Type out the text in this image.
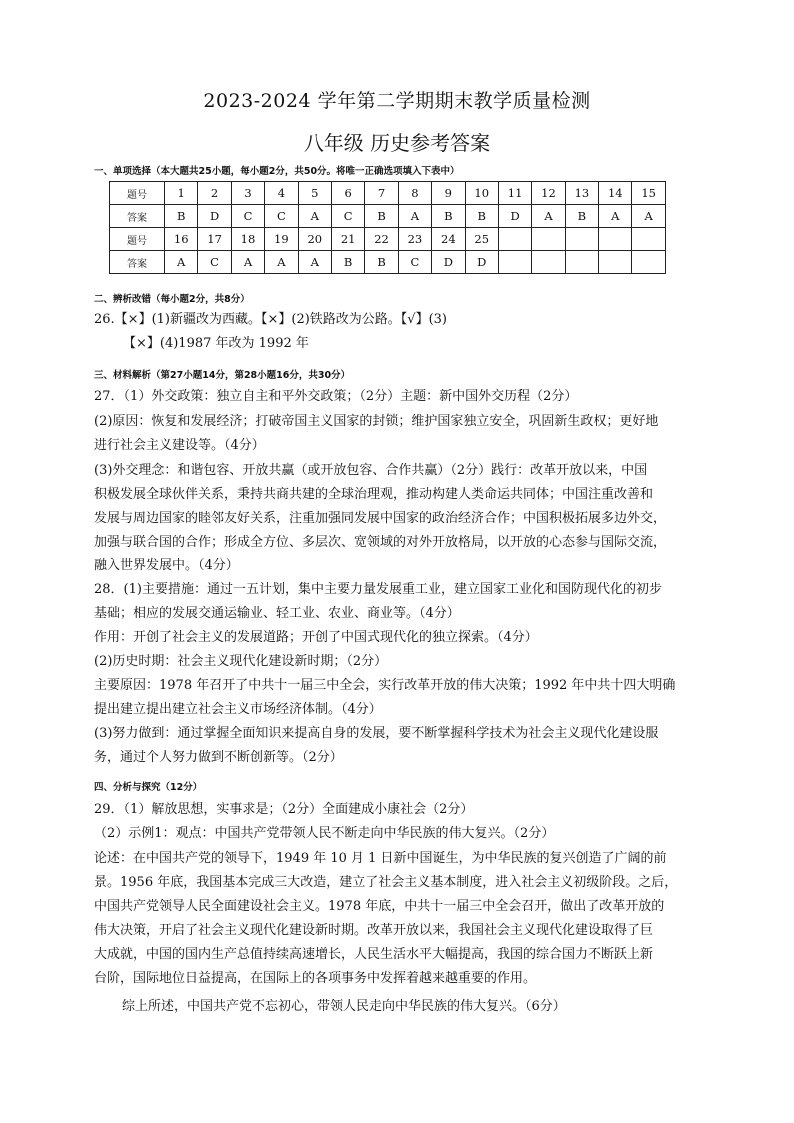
2023-2024 学年第二学期期末教学质量检测
八年级 历史参考答案
一、单项选择（本大题共25小题，每小题2分，共50分。将唯一正确选项填入下表中）
题号	1	2	3	4	5	6	7	8	9	10	11	12	13	14	15
答案	B	D	C	C	A	C	B	A	B	B	D	A	B	A	A
题号	16	17	18	19	20	21	22	23	24	25					
答案	A	C	A	A	A	B	B	C	D	D					
二、辨析改错（每小题2分，共8分）
26.【×】(1)新疆改为西藏。【×】(2)铁路改为公路。【√】(3)
【×】(4)1987 年改为 1992 年
三、材料解析（第27小题14分，第28小题16分，共30分）
27．（1）外交政策：独立自主和平外交政策；（2分）主题：新中国外交历程（2分）
(2)原因：恢复和发展经济；打破帝国主义国家的封锁；维护国家独立安全，巩固新生政权；更好地
进行社会主义建设等。（4分）
(3)外交理念：和谐包容、开放共赢（或开放包容、合作共赢）（2分）践行：改革开放以来，中国
积极发展全球伙伴关系，秉持共商共建的全球治理观，推动构建人类命运共同体；中国注重改善和
发展与周边国家的睦邻友好关系，注重加强同发展中国家的政治经济合作；中国积极拓展多边外交，
加强与联合国的合作；形成全方位、多层次、宽领域的对外开放格局，以开放的心态参与国际交流，
融入世界发展中。（4分）
28．(1)主要措施：通过一五计划，集中主要力量发展重工业，建立国家工业化和国防现代化的初步
基础；相应的发展交通运输业、轻工业、农业、商业等。（4分）
作用：开创了社会主义的发展道路；开创了中国式现代化的独立探索。（4分）
(2)历史时期：社会主义现代化建设新时期；（2分）
主要原因：1978 年召开了中共十一届三中全会，实行改革开放的伟大决策；1992 年中共十四大明确
提出建立提出建立社会主义市场经济体制。（4分）
(3)努力做到：通过掌握全面知识来提高自身的发展，要不断掌握科学技术为社会主义现代化建设服
务，通过个人努力做到不断创新等。（2分）
四、分析与探究（12分）
29．（1）解放思想，实事求是；（2分）全面建成小康社会（2分）
（2）示例1：观点：中国共产党带领人民不断走向中华民族的伟大复兴。（2分）
论述：在中国共产党的领导下，1949 年 10 月 1 日新中国诞生，为中华民族的复兴创造了广阔的前
景。1956 年底，我国基本完成三大改造，建立了社会主义基本制度，进入社会主义初级阶段。之后，
中国共产党领导人民全面建设社会主义。1978 年底，中共十一届三中全会召开，做出了改革开放的
伟大决策，开启了社会主义现代化建设新时期。改革开放以来，我国社会主义现代化建设取得了巨
大成就，中国的国内生产总值持续高速增长，人民生活水平大幅提高，我国的综合国力不断跃上新
台阶，国际地位日益提高，在国际上的各项事务中发挥着越来越重要的作用。
综上所述，中国共产党不忘初心，带领人民走向中华民族的伟大复兴。（6分）
